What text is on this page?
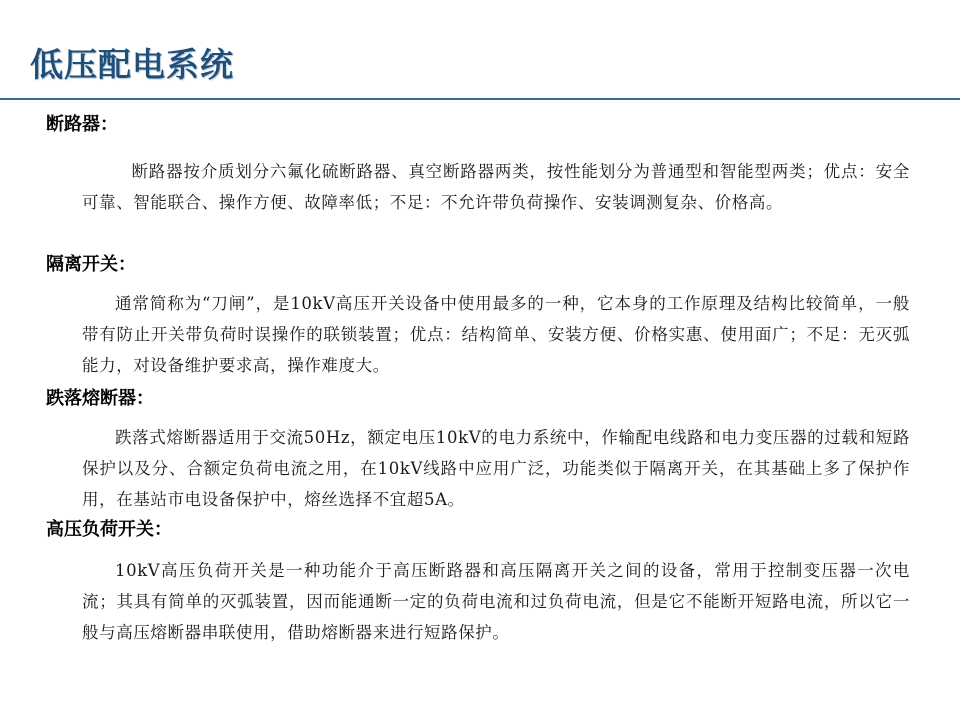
低压配电系统

断路器：

断路器按介质划分六氟化硫断路器、真空断路器两类，按性能划分为普通型和智能型两类；优点：安全可靠、智能联合、操作方便、故障率低；不足：不允许带负荷操作、安装调测复杂、价格高。

隔离开关：

通常简称为“刀闸”，是10kV高压开关设备中使用最多的一种，它本身的工作原理及结构比较简单，一般带有防止开关带负荷时误操作的联锁装置；优点：结构简单、安装方便、价格实惠、使用面广；不足：无灭弧能力，对设备维护要求高，操作难度大。

跌落熔断器：

跌落式熔断器适用于交流50Hz，额定电压10kV的电力系统中，作输配电线路和电力变压器的过载和短路保护以及分、合额定负荷电流之用，在10kV线路中应用广泛，功能类似于隔离开关，在其基础上多了保护作用，在基站市电设备保护中，熔丝选择不宜超5A。

高压负荷开关：

10kV高压负荷开关是一种功能介于高压断路器和高压隔离开关之间的设备，常用于控制变压器一次电流；其具有简单的灭弧装置，因而能通断一定的负荷电流和过负荷电流，但是它不能断开短路电流，所以它一般与高压熔断器串联使用，借助熔断器来进行短路保护。
